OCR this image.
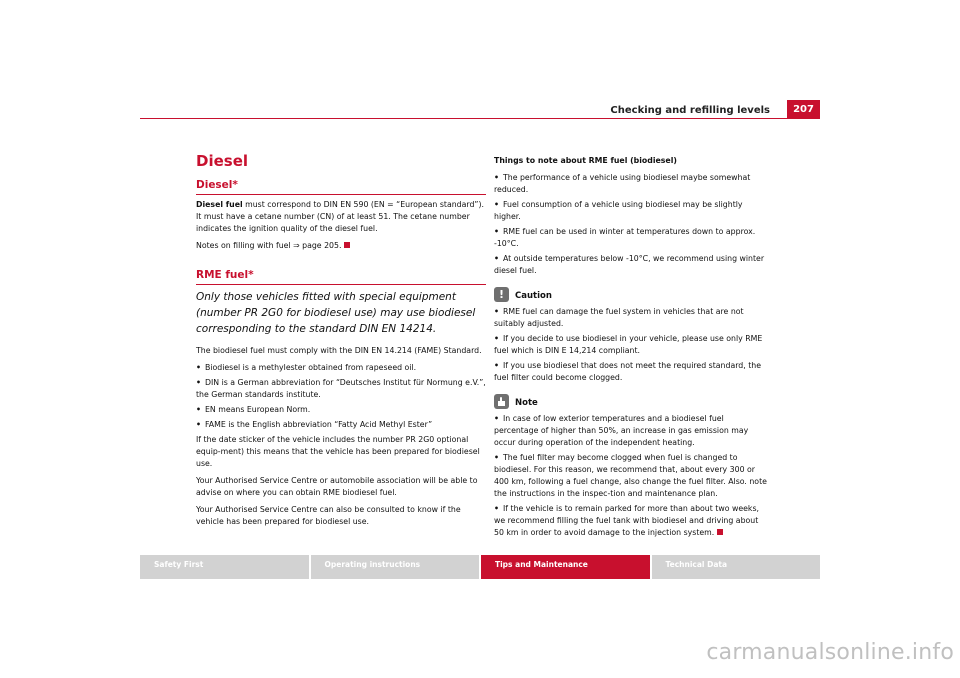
Checking and refilling levels	207
Diesel
Diesel*

Diesel fuel must correspond to DIN EN 590 (EN = “European standard”). It must have a cetane number (CN) of at least 51. The cetane number indicates the ignition quality of the diesel fuel.

Notes on filling with fuel ⇒ page 205.

RME fuel*
Only those vehicles fitted with special equipment (number PR 2G0 for biodiesel use) may use biodiesel corresponding to the standard DIN EN 14214.

The biodiesel fuel must comply with the DIN EN 14.214 (FAME) Standard.

• Biodiesel is a methylester obtained from rapeseed oil.
• DIN is a German abbreviation for “Deutsches Institut für Normung e.V.”, the German standards institute.
• EN means European Norm.
• FAME is the English abbreviation “Fatty Acid Methyl Ester”

If the date sticker of the vehicle includes the number PR 2G0 optional equip-ment) this means that the vehicle has been prepared for biodiesel use.

Your Authorised Service Centre or automobile association will be able to advise on where you can obtain RME biodiesel fuel.

Your Authorised Service Centre can also be consulted to know if the vehicle has been prepared for biodiesel use.

Things to note about RME fuel (biodiesel)

• The performance of a vehicle using biodiesel maybe somewhat reduced.
• Fuel consumption of a vehicle using biodiesel may be slightly higher.
• RME fuel can be used in winter at temperatures down to approx. -10°C.
• At outside temperatures below -10°C, we recommend using winter diesel fuel.
!	Caution
• RME fuel can damage the fuel system in vehicles that are not suitably adjusted.
• If you decide to use biodiesel in your vehicle, please use only RME fuel which is DIN E 14,214 compliant.
• If you use biodiesel that does not meet the required standard, the fuel filter could become clogged.
Note
• In case of low exterior temperatures and a biodiesel fuel percentage of higher than 50%, an increase in gas emission may occur during operation of the independent heating.
• The fuel filter may become clogged when fuel is changed to biodiesel. For this reason, we recommend that, about every 300 or 400 km, following a fuel change, also change the fuel filter. Also. note the instructions in the inspec-tion and maintenance plan.
• If the vehicle is to remain parked for more than about two weeks, we recommend filling the fuel tank with biodiesel and driving about 50 km in order to avoid damage to the injection system.
Safety First	Operating instructions	Tips and Maintenance	Technical Data
carmanualsonline.info
